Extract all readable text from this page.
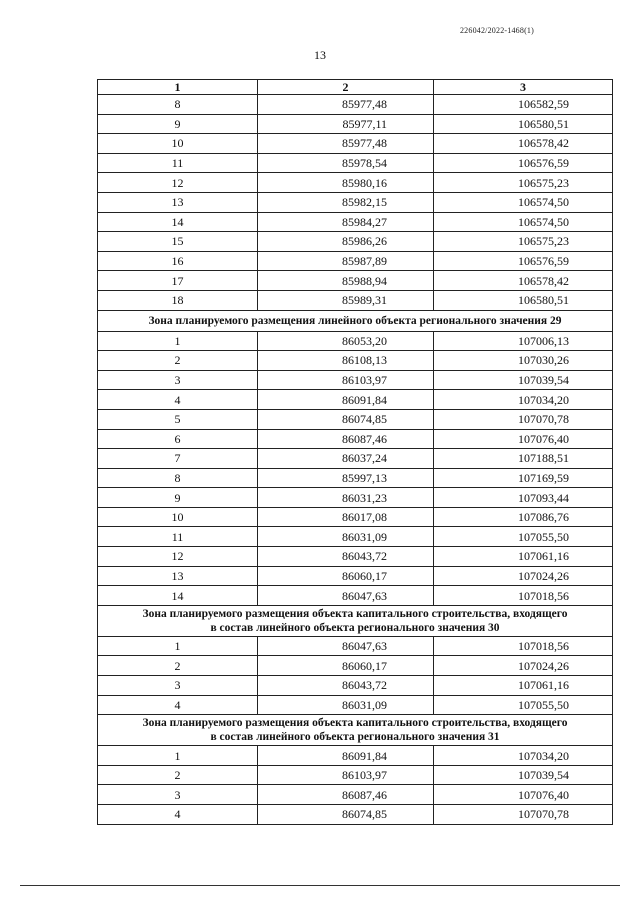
226042/2022-1468(1)
13
1	2	3
8	85977,48	106582,59
9	85977,11	106580,51
10	85977,48	106578,42
11	85978,54	106576,59
12	85980,16	106575,23
13	85982,15	106574,50
14	85984,27	106574,50
15	85986,26	106575,23
16	85987,89	106576,59
17	85988,94	106578,42
18	85989,31	106580,51
Зона планируемого размещения линейного объекта регионального значения 29		
1	86053,20	107006,13
2	86108,13	107030,26
3	86103,97	107039,54
4	86091,84	107034,20
5	86074,85	107070,78
6	86087,46	107076,40
7	86037,24	107188,51
8	85997,13	107169,59
9	86031,23	107093,44
10	86017,08	107086,76
11	86031,09	107055,50
12	86043,72	107061,16
13	86060,17	107024,26
14	86047,63	107018,56
Зона планируемого размещения объекта капитального строительства, входящего
в состав линейного объекта регионального значения 30		
1	86047,63	107018,56
2	86060,17	107024,26
3	86043,72	107061,16
4	86031,09	107055,50
Зона планируемого размещения объекта капитального строительства, входящего
в состав линейного объекта регионального значения 31		
1	86091,84	107034,20
2	86103,97	107039,54
3	86087,46	107076,40
4	86074,85	107070,78
